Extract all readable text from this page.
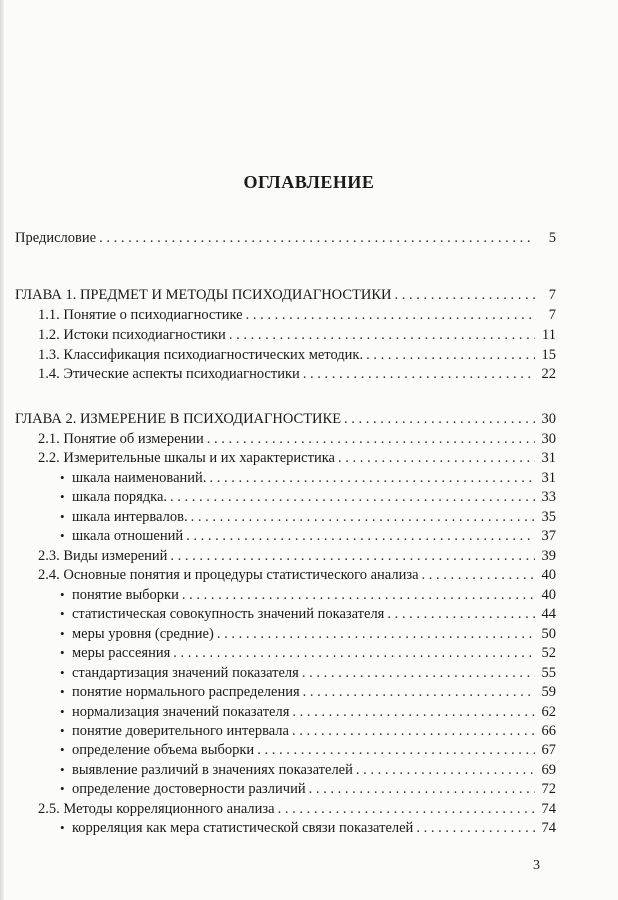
ОГЛАВЛЕНИЕ
Предисловие . . .	5
ГЛАВА 1. ПРЕДМЕТ И МЕТОДЫ ПСИХОДИАГНОСТИКИ . . .	7
1.1. Понятие о психодиагностике . . .	7
1.2. Истоки психодиагностики . . .	11
1.3. Классификация психодиагностических методик. . . .	15
1.4. Этические аспекты психодиагностики . . .	22
ГЛАВА 2. ИЗМЕРЕНИЕ В ПСИХОДИАГНОСТИКЕ . . .	30
2.1. Понятие об измерении . . .	30
2.2. Измерительные шкалы и их характеристика . . .	31
• шкала наименований. . . .	31
• шкала порядка. . . .	33
• шкала интервалов. . . .	35
• шкала отношений . . .	37
2.3. Виды измерений . . .	39
2.4. Основные понятия и процедуры статистического анализа . . .	40
• понятие выборки . . .	40
• статистическая совокупность значений показателя . . .	44
• меры уровня (средние) . . .	50
• меры рассеяния . . .	52
• стандартизация значений показателя . . .	55
• понятие нормального распределения . . .	59
• нормализация значений показателя . . .	62
• понятие доверительного интервала . . .	66
• определение объема выборки . . .	67
• выявление различий в значениях показателей . . .	69
• определение достоверности различий . . .	72
2.5. Методы корреляционного анализа . . .	74
• корреляция как мера статистической связи показателей . . .	74
3
